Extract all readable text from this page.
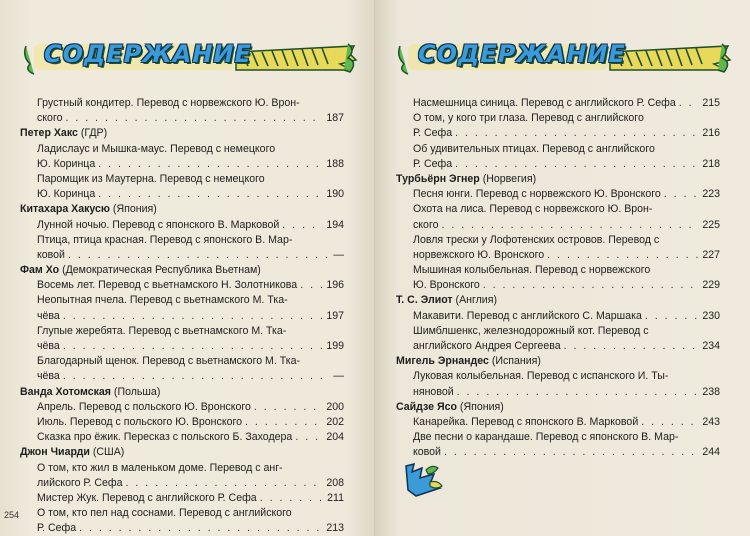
СОДЕРЖАНИЕ
Грустный кондитер. Перевод с норвежского Ю. Врон-
ского . . .	187
Петер Хакс (ГДР)
Ладислаус и Мышка-маус. Перевод с немецкого
Ю. Коринца . . .	188
Паромщик из Маутерна. Перевод с немецкого
Ю. Коринца . . .	190
Китахара Хакусю (Япония)
Лунной ночью. Перевод с японского В. Марковой . . .	194
Птица, птица красная. Перевод с японского В. Мар-
ковой . . .	—
Фам Хо (Демократическая Республика Вьетнам)
Восемь лет. Перевод с вьетнамского Н. Золотникова . . .	196
Неопытная пчела. Перевод с вьетнамского М. Тка-
чёва . . .	197
Глупые жеребята. Перевод с вьетнамского М. Тка-
чёва . . .	199
Благодарный щенок. Перевод с вьетнамского М. Тка-
чёва . . .	—
Ванда Хотомская (Польша)
Апрель. Перевод с польского Ю. Вронского . . .	200
Июль. Перевод с польского Ю. Вронского . . .	202
Сказка про ёжик. Пересказ с польского Б. Заходера . . .	204
Джон Чиарди (США)
О том, кто жил в маленьком доме. Перевод с анг-
лийского Р. Сефа . . .	208
Мистер Жук. Перевод с английского Р. Сефа . . .	211
О том, кто пел над соснами. Перевод с английского
Р. Сефа . . .	213
254
СОДЕРЖАНИЕ
Насмешница синица. Перевод с английского Р. Сефа . . .	215
О том, у кого три глаза. Перевод с английского
Р. Сефа . . .	216
Об удивительных птицах. Перевод с английского
Р. Сефа . . .	218
Турбьёрн Эгнер (Норвегия)
Песня юнги. Перевод с норвежского Ю. Вронского . . .	223
Охота на лиса. Перевод с норвежского Ю. Врон-
ского . . .	225
Ловля трески у Лофотенских островов. Перевод с
норвежского Ю. Вронского . . .	227
Мышиная колыбельная. Перевод с норвежского
Ю. Вронского . . .	229
Т. С. Элиот (Англия)
Макавити. Перевод с английского С. Маршака . . .	230
Шимблшенкс, железнодорожный кот. Перевод с
английского Андрея Сергеева . . .	234
Мигель Эрнандес (Испания)
Луковая колыбельная. Перевод с испанского И. Ты-
няновой . . .	238
Сайдзе Ясо (Япония)
Канарейка. Перевод с японского В. Марковой . . .	243
Две песни о карандаше. Перевод с японского В. Мар-
ковой . . .	244
